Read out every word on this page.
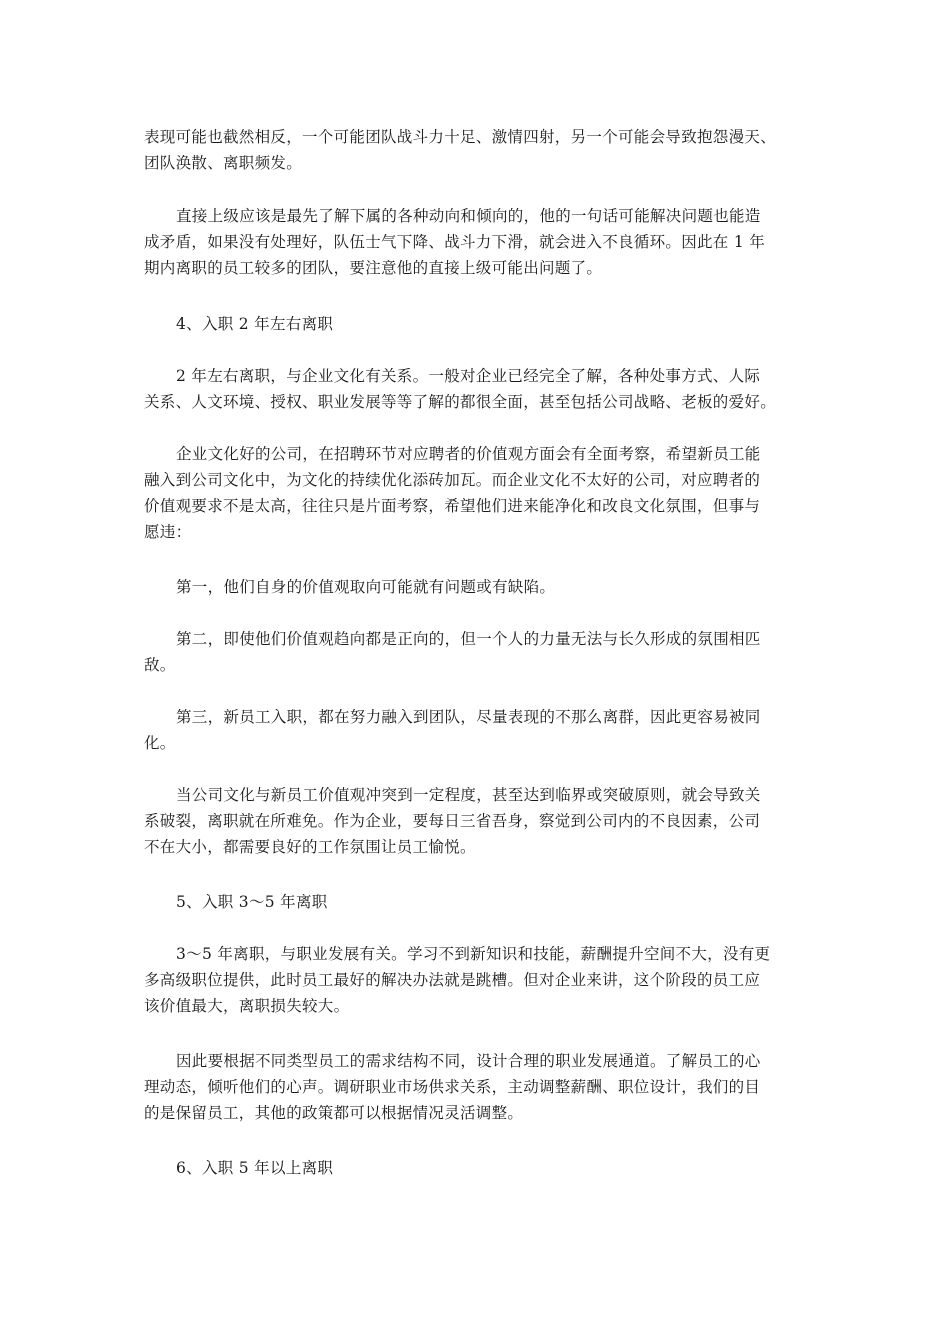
表现可能也截然相反，一个可能团队战斗力十足、激情四射，另一个可能会导致抱怨漫天、
团队涣散、离职频发。

直接上级应该是最先了解下属的各种动向和倾向的，他的一句话可能解决问题也能造
成矛盾，如果没有处理好，队伍士气下降、战斗力下滑，就会进入不良循环。因此在 1 年
期内离职的员工较多的团队，要注意他的直接上级可能出问题了。

4、入职 2 年左右离职

2 年左右离职，与企业文化有关系。一般对企业已经完全了解，各种处事方式、人际
关系、人文环境、授权、职业发展等等了解的都很全面，甚至包括公司战略、老板的爱好。

企业文化好的公司，在招聘环节对应聘者的价值观方面会有全面考察，希望新员工能
融入到公司文化中，为文化的持续优化添砖加瓦。而企业文化不太好的公司，对应聘者的
价值观要求不是太高，往往只是片面考察，希望他们进来能净化和改良文化氛围，但事与
愿违：

第一，他们自身的价值观取向可能就有问题或有缺陷。

第二，即使他们价值观趋向都是正向的，但一个人的力量无法与长久形成的氛围相匹
敌。

第三，新员工入职，都在努力融入到团队，尽量表现的不那么离群，因此更容易被同
化。

当公司文化与新员工价值观冲突到一定程度，甚至达到临界或突破原则，就会导致关
系破裂，离职就在所难免。作为企业，要每日三省吾身，察觉到公司内的不良因素，公司
不在大小，都需要良好的工作氛围让员工愉悦。

5、入职 3～5 年离职

3～5 年离职，与职业发展有关。学习不到新知识和技能，薪酬提升空间不大，没有更
多高级职位提供，此时员工最好的解决办法就是跳槽。但对企业来讲，这个阶段的员工应
该价值最大，离职损失较大。

因此要根据不同类型员工的需求结构不同，设计合理的职业发展通道。了解员工的心
理动态，倾听他们的心声。调研职业市场供求关系，主动调整薪酬、职位设计，我们的目
的是保留员工，其他的政策都可以根据情况灵活调整。

6、入职 5 年以上离职
